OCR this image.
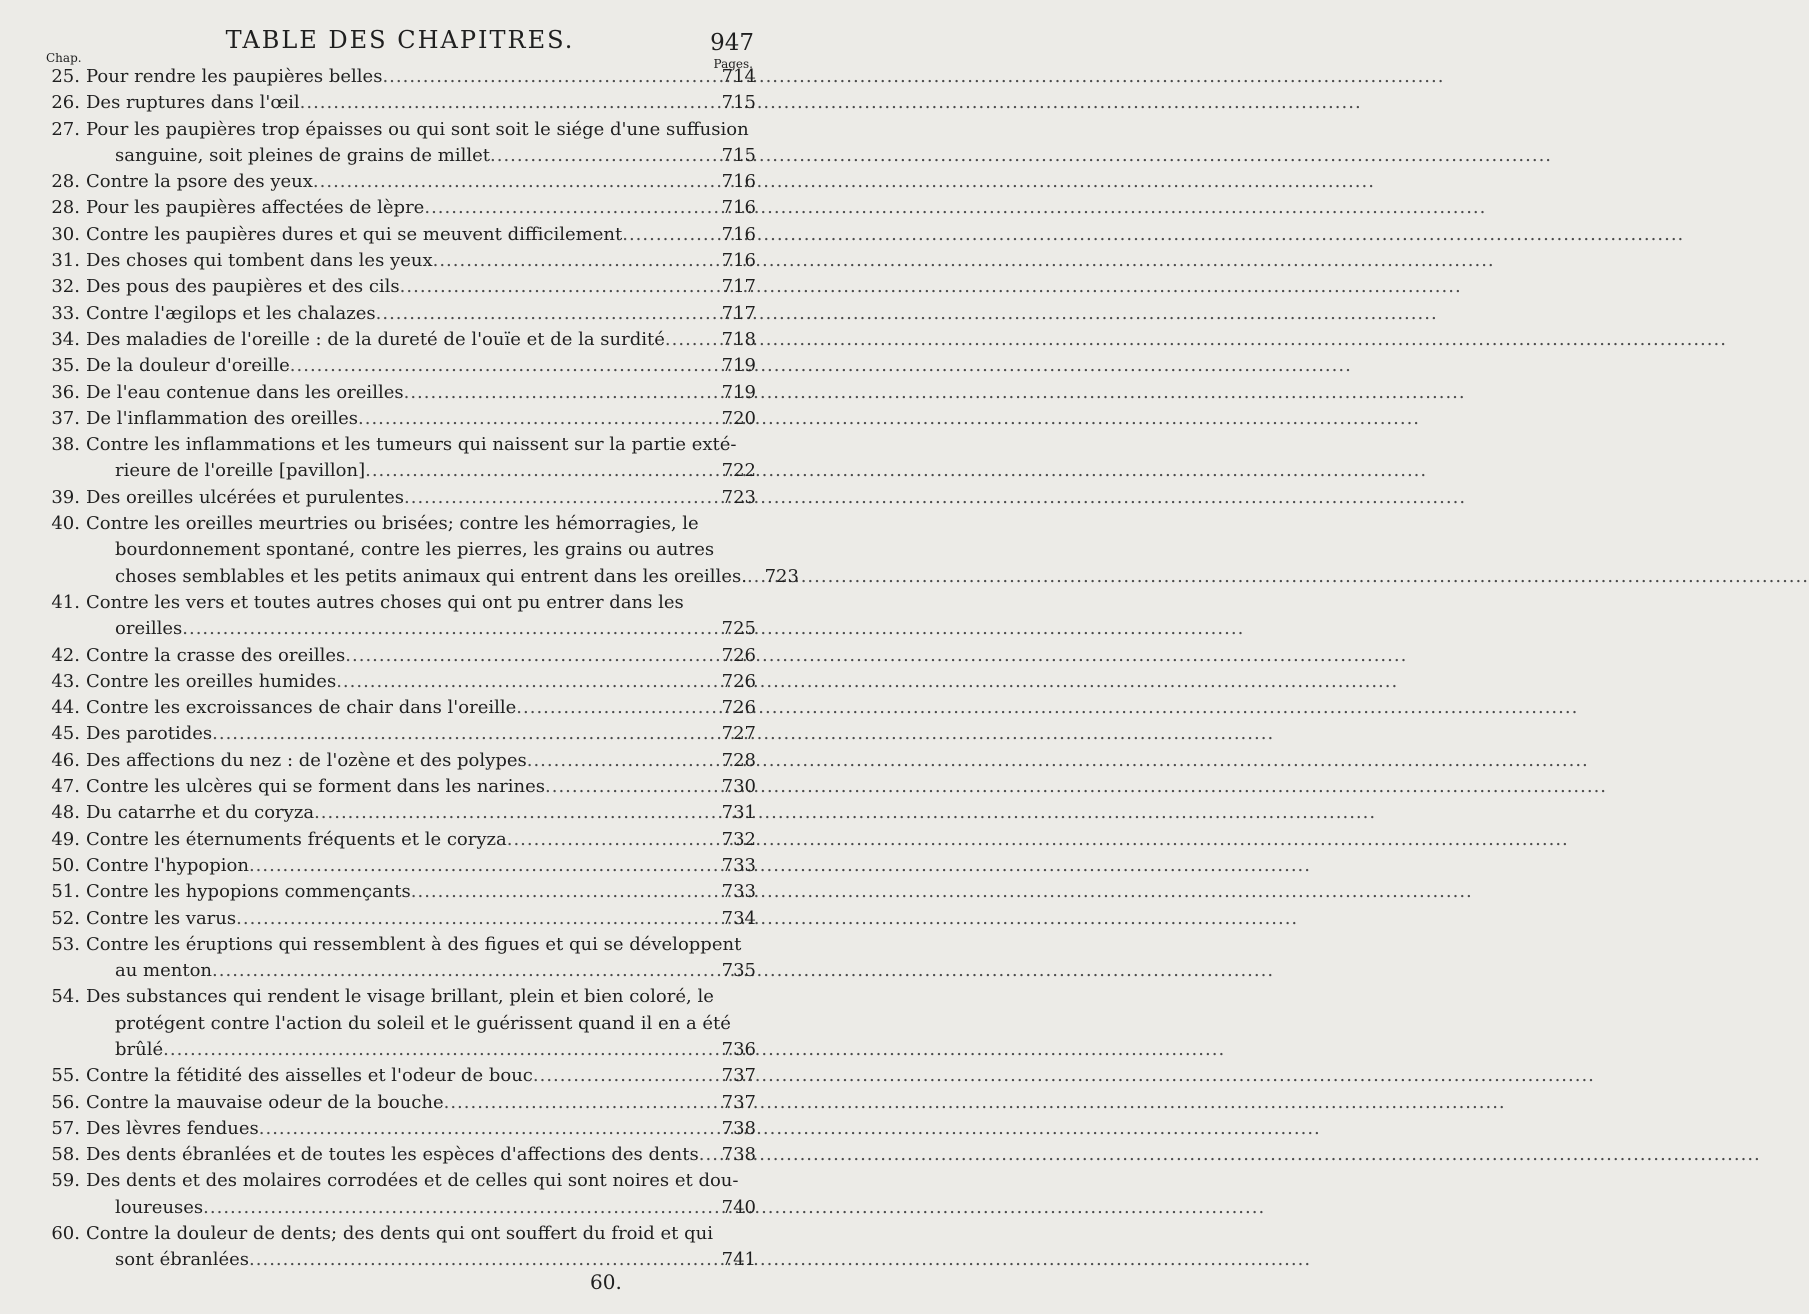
TABLE DES CHAPITRES.	947
Chap.	Pages.
25. Pour rendre les paupières belles .....	714
26. Des ruptures dans l'œil .....	715
27. Pour les paupières trop épaisses ou qui sont soit le siége d'une suffusion
sanguine, soit pleines de grains de millet .....	715
28. Contre la psore des yeux .....	716
28. Pour les paupières affectées de lèpre .....	716
30. Contre les paupières dures et qui se meuvent difficilement .....	716
31. Des choses qui tombent dans les yeux .....	716
32. Des pous des paupières et des cils .....	717
33. Contre l'ægilops et les chalazes .....	717
34. Des maladies de l'oreille : de la dureté de l'ouïe et de la surdité .....	718
35. De la douleur d'oreille .....	719
36. De l'eau contenue dans les oreilles .....	719
37. De l'inflammation des oreilles .....	720
38. Contre les inflammations et les tumeurs qui naissent sur la partie exté-
rieure de l'oreille [pavillon] .....	722
39. Des oreilles ulcérées et purulentes .....	723
40. Contre les oreilles meurtries ou brisées; contre les hémorragies, le
bourdonnement spontané, contre les pierres, les grains ou autres
choses semblables et les petits animaux qui entrent dans les oreilles. ..... 723
41. Contre les vers et toutes autres choses qui ont pu entrer dans les
oreilles .....	725
42. Contre la crasse des oreilles .....	726
43. Contre les oreilles humides .....	726
44. Contre les excroissances de chair dans l'oreille .....	726
45. Des parotides .....	727
46. Des affections du nez : de l'ozène et des polypes .....	728
47. Contre les ulcères qui se forment dans les narines .....	730
48. Du catarrhe et du coryza .....	731
49. Contre les éternuments fréquents et le coryza .....	732
50. Contre l'hypopion .....	733
51. Contre les hypopions commençants .....	733
52. Contre les varus .....	734
53. Contre les éruptions qui ressemblent à des figues et qui se développent
au menton .....	735
54. Des substances qui rendent le visage brillant, plein et bien coloré, le
protégent contre l'action du soleil et le guérissent quand il en a été
brûlé .....	736
55. Contre la fétidité des aisselles et l'odeur de bouc .....	737
56. Contre la mauvaise odeur de la bouche .....	737
57. Des lèvres fendues .....	738
58. Des dents ébranlées et de toutes les espèces d'affections des dents .....	738
59. Des dents et des molaires corrodées et de celles qui sont noires et dou-
loureuses .....	740
60. Contre la douleur de dents; des dents qui ont souffert du froid et qui
sont ébranlées .....	741
60.
